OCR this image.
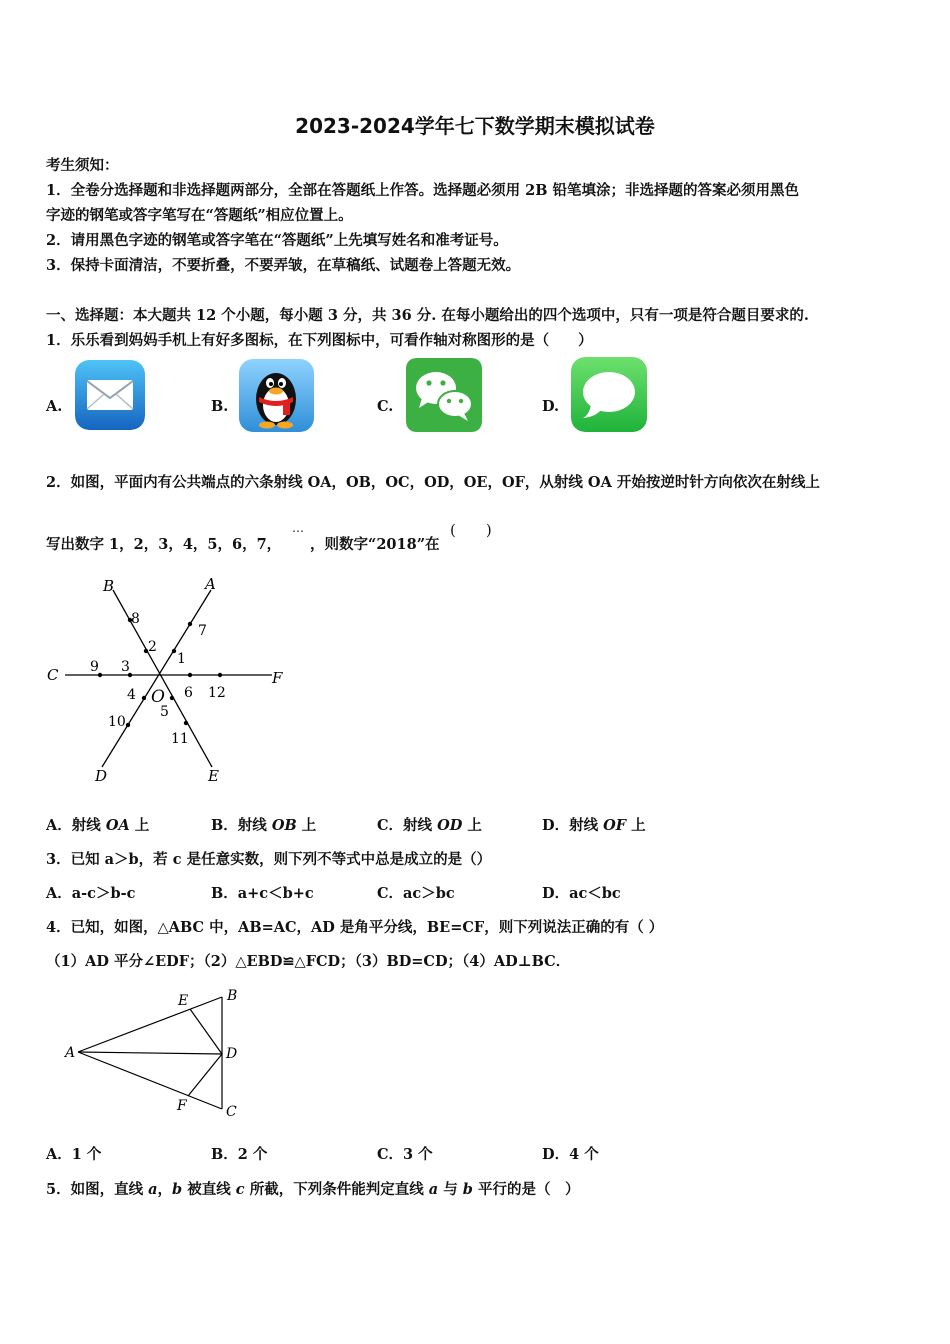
2023-2024学年七下数学期末模拟试卷
考生须知：
1．全卷分选择题和非选择题两部分，全部在答题纸上作答。选择题必须用 2B 铅笔填涂；非选择题的答案必须用黑色
字迹的钢笔或答字笔写在“答题纸”相应位置上。
2．请用黑色字迹的钢笔或答字笔在“答题纸”上先填写姓名和准考证号。
3．保持卡面清洁，不要折叠，不要弄皱，在草稿纸、试题卷上答题无效。
一、选择题：本大题共 12 个小题，每小题 3 分，共 36 分. 在每小题给出的四个选项中，只有一项是符合题目要求的.
1．乐乐看到妈妈手机上有好多图标，在下列图标中，可看作轴对称图形的是（　　）
A.	B.	C.	D.
2．如图，平面内有公共端点的六条射线 OA，OB，OC，OD，OE，OF，从射线 OA 开始按逆时针方向依次在射线上
写出数字 1，2，3，4，5，6，7，
…
，则数字“2018”在
(　　)
B	A
C	F
D	E
O
1
2
3
4
5
6
7
8
9
10
11
12
A．射线 OA 上	B．射线 OB 上	C．射线 OD 上	D．射线 OF 上
3．已知 a＞b，若 c 是任意实数，则下列不等式中总是成立的是（）
A．a-c＞b-c	B．a+c＜b+c	C．ac＞bc	D．ac＜bc
4．已知，如图，△ABC 中，AB=AC，AD 是角平分线，BE=CF，则下列说法正确的有（ ）
（1）AD 平分∠EDF；（2）△EBD≌△FCD；（3）BD=CD；（4）AD⊥BC．
A
B
C
D
E
F
A．1 个	B．2 个	C．3 个	D．4 个
5．如图，直线 a，b 被直线 c 所截，下列条件能判定直线 a 与 b 平行的是（　）
